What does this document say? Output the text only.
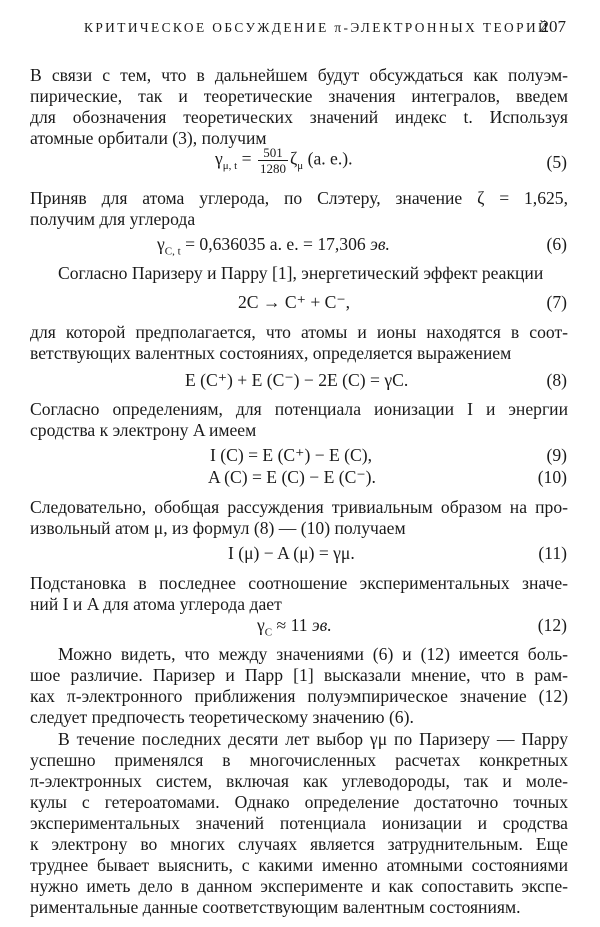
КРИТИЧЕСКОЕ ОБСУЖДЕНИЕ π-ЭЛЕКТРОННЫХ ТЕОРИЙ
207
В связи с тем, что в дальнейшем будут обсуждаться как полуэм-
пирические, так и теоретические значения интегралов, введем
для обозначения теоретических значений индекс t. Используя
атомные орбитали (3), получим
$\gamma_{\mu, t} = \frac{501}{1280} \zeta_\mu$ (а. е.).	(5)
Приняв для атома углерода, по Слэтеру, значение ζ = 1,625,
получим для углерода
$\gamma_{C, t} = 0,636035$ а. е. = 17,306 эв.	(6)
Согласно Паризеру и Парру [1], энергетический эффект реакции
2C → C⁺ + C⁻,	(7)
для которой предполагается, что атомы и ионы находятся в соот-
ветствующих валентных состояниях, определяется выражением
E (C⁺) + E (C⁻) − 2E (C) = γC.	(8)
Согласно определениям, для потенциала ионизации I и энергии
сродства к электрону A имеем
I (C) = E (C⁺) − E (C),	(9)
A (C) = E (C) − E (C⁻).	(10)
Следовательно, обобщая рассуждения тривиальным образом на про-
извольный атом μ, из формул (8) — (10) получаем
I (μ) − A (μ) = γμ.	(11)
Подстановка в последнее соотношение экспериментальных значе-
ний I и A для атома углерода дает
$\gamma_C \approx 11$ эв.	(12)
Можно видеть, что между значениями (6) и (12) имеется боль-
шое различие. Паризер и Парр [1] высказали мнение, что в рам-
ках π-электронного приближения полуэмпирическое значение (12)
следует предпочесть теоретическому значению (6).
В течение последних десяти лет выбор γμ по Паризеру — Парру
успешно применялся в многочисленных расчетах конкретных
π-электронных систем, включая как углеводороды, так и моле-
кулы с гетероатомами. Однако определение достаточно точных
экспериментальных значений потенциала ионизации и сродства
к электрону во многих случаях является затруднительным. Еще
труднее бывает выяснить, с какими именно атомными состояниями
нужно иметь дело в данном эксперименте и как сопоставить экспе-
риментальные данные соответствующим валентным состояниям.
